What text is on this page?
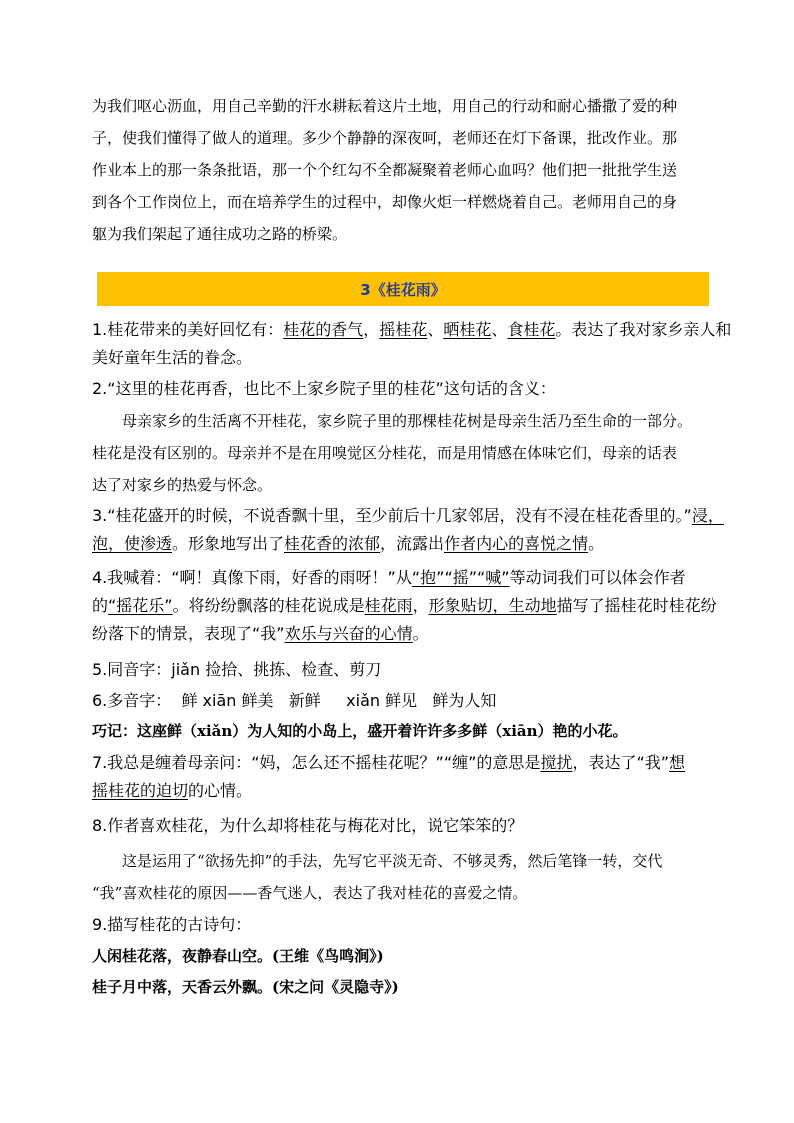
为我们呕心沥血，用自己辛勤的汗水耕耘着这片土地，用自己的行动和耐心播撒了爱的种
子，使我们懂得了做人的道理。多少个静静的深夜呵，老师还在灯下备课，批改作业。那
作业本上的那一条条批语，那一个个红勾不全都凝聚着老师心血吗？他们把一批批学生送
到各个工作岗位上，而在培养学生的过程中，却像火炬一样燃烧着自己。老师用自己的身
躯为我们架起了通往成功之路的桥梁。
3《桂花雨》
1.桂花带来的美好回忆有：桂花的香气，摇桂花、晒桂花、食桂花。表达了我对家乡亲人和
美好童年生活的眷念。
2.“这里的桂花再香，也比不上家乡院子里的桂花”这句话的含义：
母亲家乡的生活离不开桂花，家乡院子里的那棵桂花树是母亲生活乃至生命的一部分。
桂花是没有区别的。母亲并不是在用嗅觉区分桂花，而是用情感在体味它们，母亲的话表
达了对家乡的热爱与怀念。
3.“桂花盛开的时候，不说香飘十里，至少前后十几家邻居，没有不浸在桂花香里的。”浸，
泡，使渗透。形象地写出了桂花香的浓郁，流露出作者内心的喜悦之情。
4.我喊着：“啊！真像下雨，好香的雨呀！”从“抱”“摇”“喊”等动词我们可以体会作者
的“摇花乐”。将纷纷飘落的桂花说成是桂花雨，形象贴切，生动地描写了摇桂花时桂花纷
纷落下的情景，表现了“我”欢乐与兴奋的心情。
5.同音字：jiǎn 捡拾、挑拣、检查、剪刀
6.多音字：  鲜 xiān 鲜美   新鲜     xiǎn 鲜见   鲜为人知
巧记：这座鲜（xiǎn）为人知的小岛上，盛开着许许多多鲜（xiān）艳的小花。
7.我总是缠着母亲问：“妈，怎么还不摇桂花呢？”“缠”的意思是搅扰，表达了“我”想
摇桂花的迫切的心情。
8.作者喜欢桂花，为什么却将桂花与梅花对比，说它笨笨的？
这是运用了“欲扬先抑”的手法，先写它平淡无奇、不够灵秀，然后笔锋一转，交代
“我”喜欢桂花的原因——香气迷人，表达了我对桂花的喜爱之情。
9.描写桂花的古诗句：
人闲桂花落，夜静春山空。(王维《鸟鸣涧》)
桂子月中落，天香云外飘。(宋之问《灵隐寺》)
